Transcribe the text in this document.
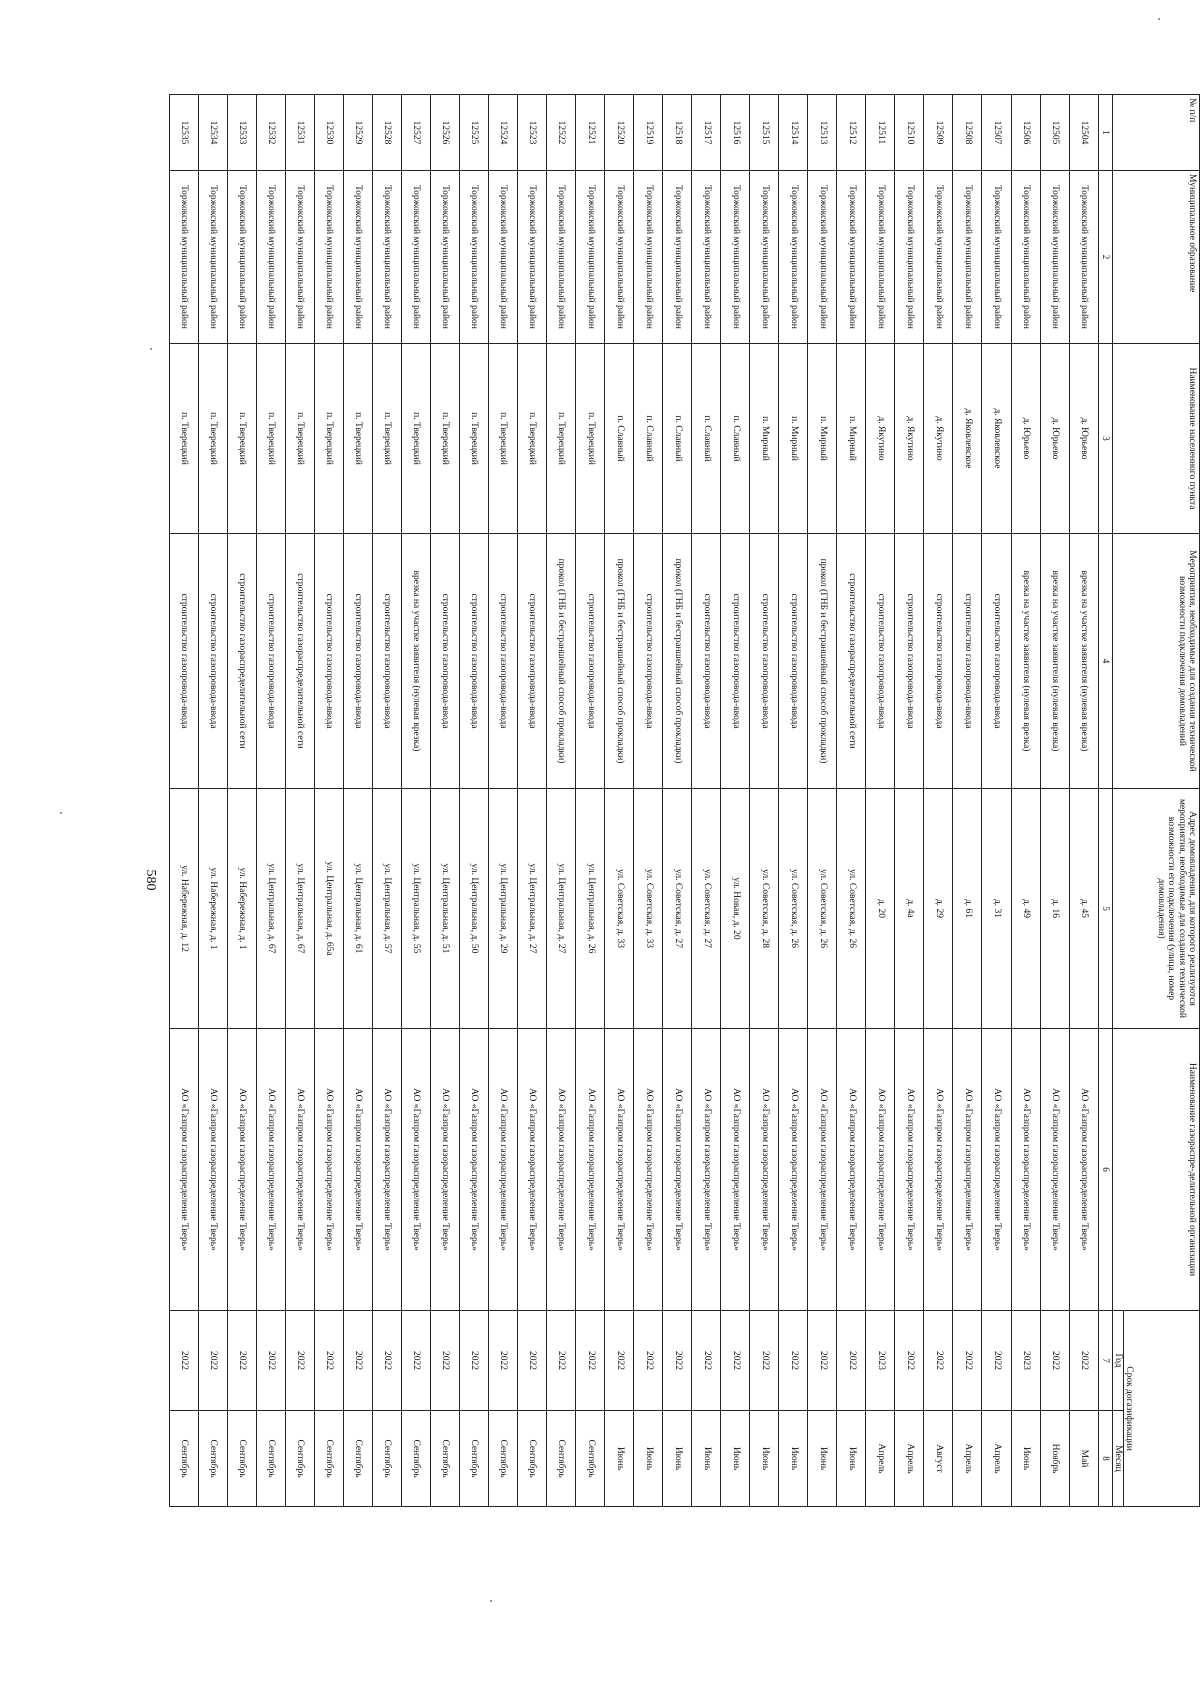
580
№ п/п	Муниципальное образование	Наименование населенного пункта	Мероприятия, необходимые для создания технической возможности подключения домовладений	Адрес домовладения, для которого реализуются мероприятия, необходимые для создания технической возможности его подключения (улица, номер домовладения)	Наименование газораспре-делительной организации	Срок догазификации	
						Год	Месяц
1	2	3	4	5	6	7	8
12504	Торжокский муниципальный район	д. Юрьево	врезка на участке заявителя (нулевая врезка)	д. 45	АО «Газпром газораспределение Тверь»	2022	Май
12505	Торжокский муниципальный район	д. Юрьево	врезка на участке заявителя (нулевая врезка)	д. 16	АО «Газпром газораспределение Тверь»	2022	Ноябрь
12506	Торжокский муниципальный район	д. Юрьево	врезка на участке заявителя (нулевая врезка)	д. 49	АО «Газпром газораспределение Тверь»	2023	Июнь
12507	Торжокский муниципальный район	д. Яковлевское	строительство газопровода-ввода	д. 31	АО «Газпром газораспределение Тверь»	2022	Апрель
12508	Торжокский муниципальный район	д. Яковлевское	строительство газопровода-ввода	д. 61	АО «Газпром газораспределение Тверь»	2022	Апрель
12509	Торжокский муниципальный район	д. Якутино	строительство газопровода-ввода	д. 29	АО «Газпром газораспределение Тверь»	2022	Август
12510	Торжокский муниципальный район	д. Якутино	строительство газопровода-ввода	д. 4а	АО «Газпром газораспределение Тверь»	2022	Апрель
12511	Торжокский муниципальный район	д. Якутино	строительство газопровода-ввода	д. 20	АО «Газпром газораспределение Тверь»	2023	Апрель
12512	Торжокский муниципальный район	п. Мирный	строительство газораспределительной сети	ул. Советская, д. 26	АО «Газпром газораспределение Тверь»	2022	Июнь
12513	Торжокский муниципальный район	п. Мирный	прокол (ГНБ и бестраншейный способ прокладки)	ул. Советская, д. 26	АО «Газпром газораспределение Тверь»	2022	Июнь
12514	Торжокский муниципальный район	п. Мирный	строительство газопровода-ввода	ул. Советская, д. 26	АО «Газпром газораспределение Тверь»	2022	Июнь
12515	Торжокский муниципальный район	п. Мирный	строительство газопровода-ввода	ул. Советская, д. 28	АО «Газпром газораспределение Тверь»	2022	Июнь
12516	Торжокский муниципальный район	п. Славный	строительство газопровода-ввода	ул. Новая, д. 20	АО «Газпром газораспределение Тверь»	2022	Июнь
12517	Торжокский муниципальный район	п. Славный	строительство газопровода-ввода	ул. Советская, д. 27	АО «Газпром газораспределение Тверь»	2022	Июнь
12518	Торжокский муниципальный район	п. Славный	прокол (ГНБ и бестраншейный способ прокладки)	ул. Советская, д. 27	АО «Газпром газораспределение Тверь»	2022	Июнь
12519	Торжокский муниципальный район	п. Славный	строительство газопровода-ввода	ул. Советская, д. 33	АО «Газпром газораспределение Тверь»	2022	Июнь
12520	Торжокский муниципальный район	п. Славный	прокол (ГНБ и бестраншейный способ прокладки)	ул. Советская, д. 33	АО «Газпром газораспределение Тверь»	2022	Июнь
12521	Торжокский муниципальный район	п. Тверецкий	строительство газопровода-ввода	ул. Центральная, д. 26	АО «Газпром газораспределение Тверь»	2022	Сентябрь
12522	Торжокский муниципальный район	п. Тверецкий	прокол (ГНБ и бестраншейный способ прокладки)	ул. Центральная, д. 27	АО «Газпром газораспределение Тверь»	2022	Сентябрь
12523	Торжокский муниципальный район	п. Тверецкий	строительство газопровода-ввода	ул. Центральная, д. 27	АО «Газпром газораспределение Тверь»	2022	Сентябрь
12524	Торжокский муниципальный район	п. Тверецкий	строительство газопровода-ввода	ул. Центральная, д. 29	АО «Газпром газораспределение Тверь»	2022	Сентябрь
12525	Торжокский муниципальный район	п. Тверецкий	строительство газопровода-ввода	ул. Центральная, д. 50	АО «Газпром газораспределение Тверь»	2022	Сентябрь
12526	Торжокский муниципальный район	п. Тверецкий	строительство газопровода-ввода	ул. Центральная, д. 51	АО «Газпром газораспределение Тверь»	2022	Сентябрь
12527	Торжокский муниципальный район	п. Тверецкий	врезка на участке заявителя (нулевая врезка)	ул. Центральная, д. 55	АО «Газпром газораспределение Тверь»	2022	Сентябрь
12528	Торжокский муниципальный район	п. Тверецкий	строительство газопровода-ввода	ул. Центральная, д. 57	АО «Газпром газораспределение Тверь»	2022	Сентябрь
12529	Торжокский муниципальный район	п. Тверецкий	строительство газопровода-ввода	ул. Центральная, д. 61	АО «Газпром газораспределение Тверь»	2022	Сентябрь
12530	Торжокский муниципальный район	п. Тверецкий	строительство газопровода-ввода	ул. Центральная, д. 65а	АО «Газпром газораспределение Тверь»	2022	Сентябрь
12531	Торжокский муниципальный район	п. Тверецкий	строительство газораспределительной сети	ул. Центральная, д. 67	АО «Газпром газораспределение Тверь»	2022	Сентябрь
12532	Торжокский муниципальный район	п. Тверецкий	строительство газопровода-ввода	ул. Центральная, д. 67	АО «Газпром газораспределение Тверь»	2022	Сентябрь
12533	Торжокский муниципальный район	п. Тверецкий	строительство газораспределительной сети	ул. Набережная, д. 1	АО «Газпром газораспределение Тверь»	2022	Сентябрь
12534	Торжокский муниципальный район	п. Тверецкий	строительство газопровода-ввода	ул. Набережная, д. 1	АО «Газпром газораспределение Тверь»	2022	Сентябрь
12535	Торжокский муниципальный район	п. Тверецкий	строительство газопровода-ввода	ул. Набережная, д. 12	АО «Газпром газораспределение Тверь»	2022	Сентябрь
